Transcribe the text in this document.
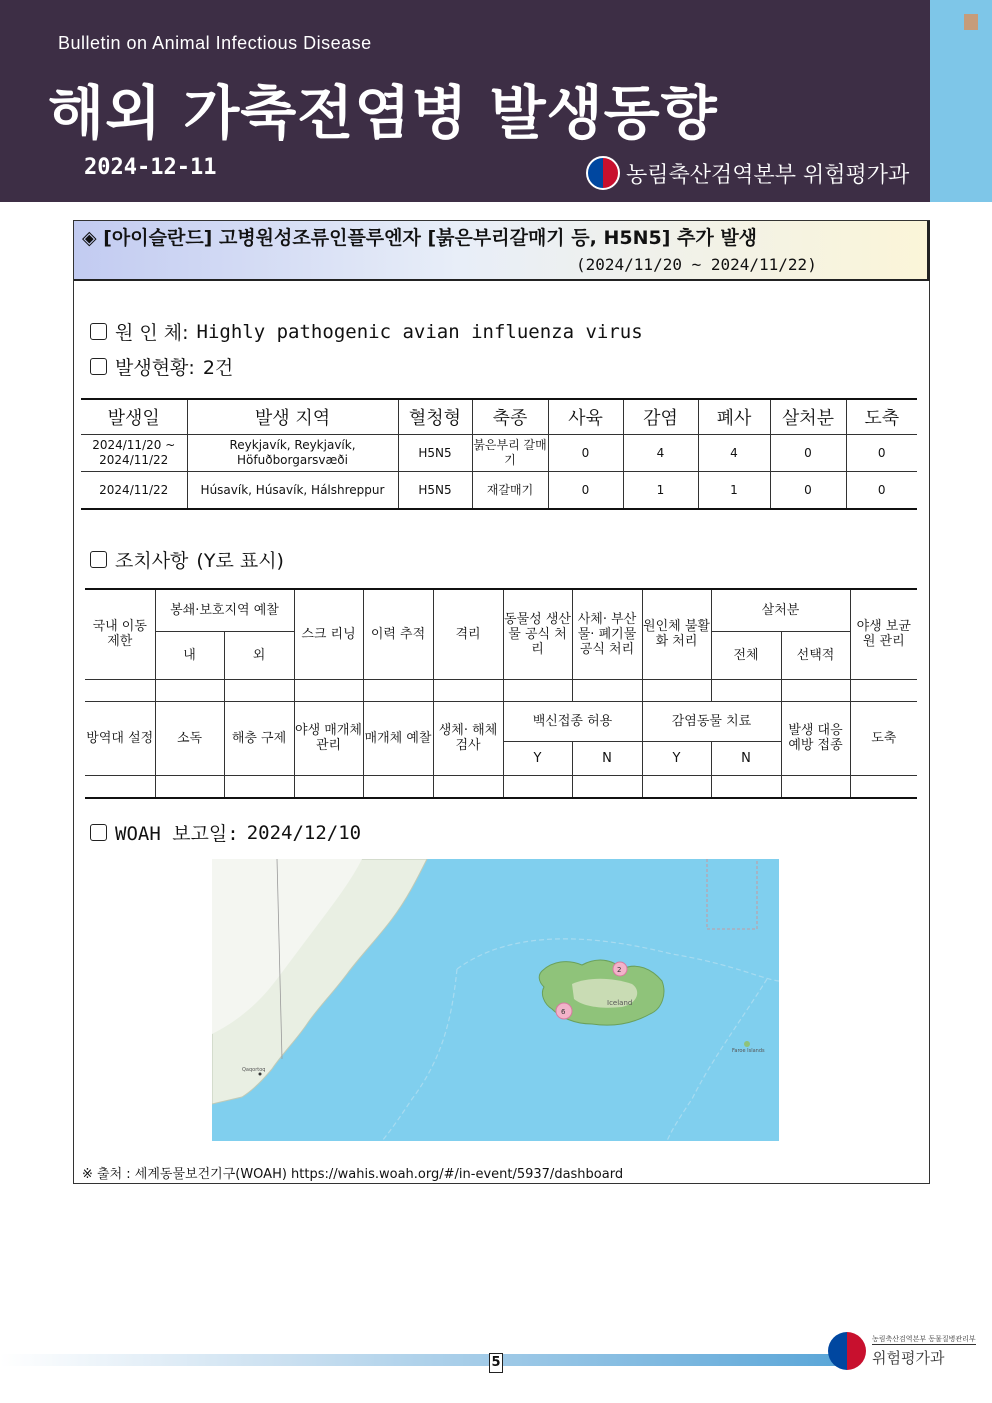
Bulletin on Animal Infectious Disease
해외 가축전염병 발생동향
2024-12-11	농림축산검역본부 위험평가과
◈ [아이슬란드] 고병원성조류인플루엔자 [붉은부리갈매기 등, H5N5] 추가 발생
(2024/11/20 ~ 2024/11/22)
원 인 체: Highly pathogenic avian influenza virus
발생현황: 2건
발생일	발생 지역	혈청형	축종	사육	감염	폐사	살처분	도축
2024/11/20 ~ 2024/11/22	Reykjavík, Reykjavík, Höfuðborgarsvæði	H5N5	붉은부리 갈매기	0	4	4	0	0
2024/11/22	Húsavík, Húsavík, Hálshreppur	H5N5	재갈매기	0	1	1	0	0
조치사항 (Y로 표시)
국내 이동 제한	봉쇄·보호지역 예찰		스크 리닝	이력 추적	격리	동물성 생산물 공식 처리	사체· 부산물· 폐기물 공식 처리	원인체 불활화 처리	살처분		야생 보균원 관리
	내	외							전체	선택적	

방역대 설정	소독	해충 구제	야생 매개체 관리	매개체 예찰	생체· 해체 검사	백신접종 허용		감염동물 치료		발생 대응 예방 접종	도축
						Y	N	Y	N		

WOAH 보고일: 2024/12/10
Iceland
2
6
Faroe Islands
Qaqortoq
※ 출처 : 세계동물보건기구(WOAH) https://wahis.woah.org/#/in-event/5937/dashboard
5
농림축산검역본부 동물질병관리부
위험평가과
